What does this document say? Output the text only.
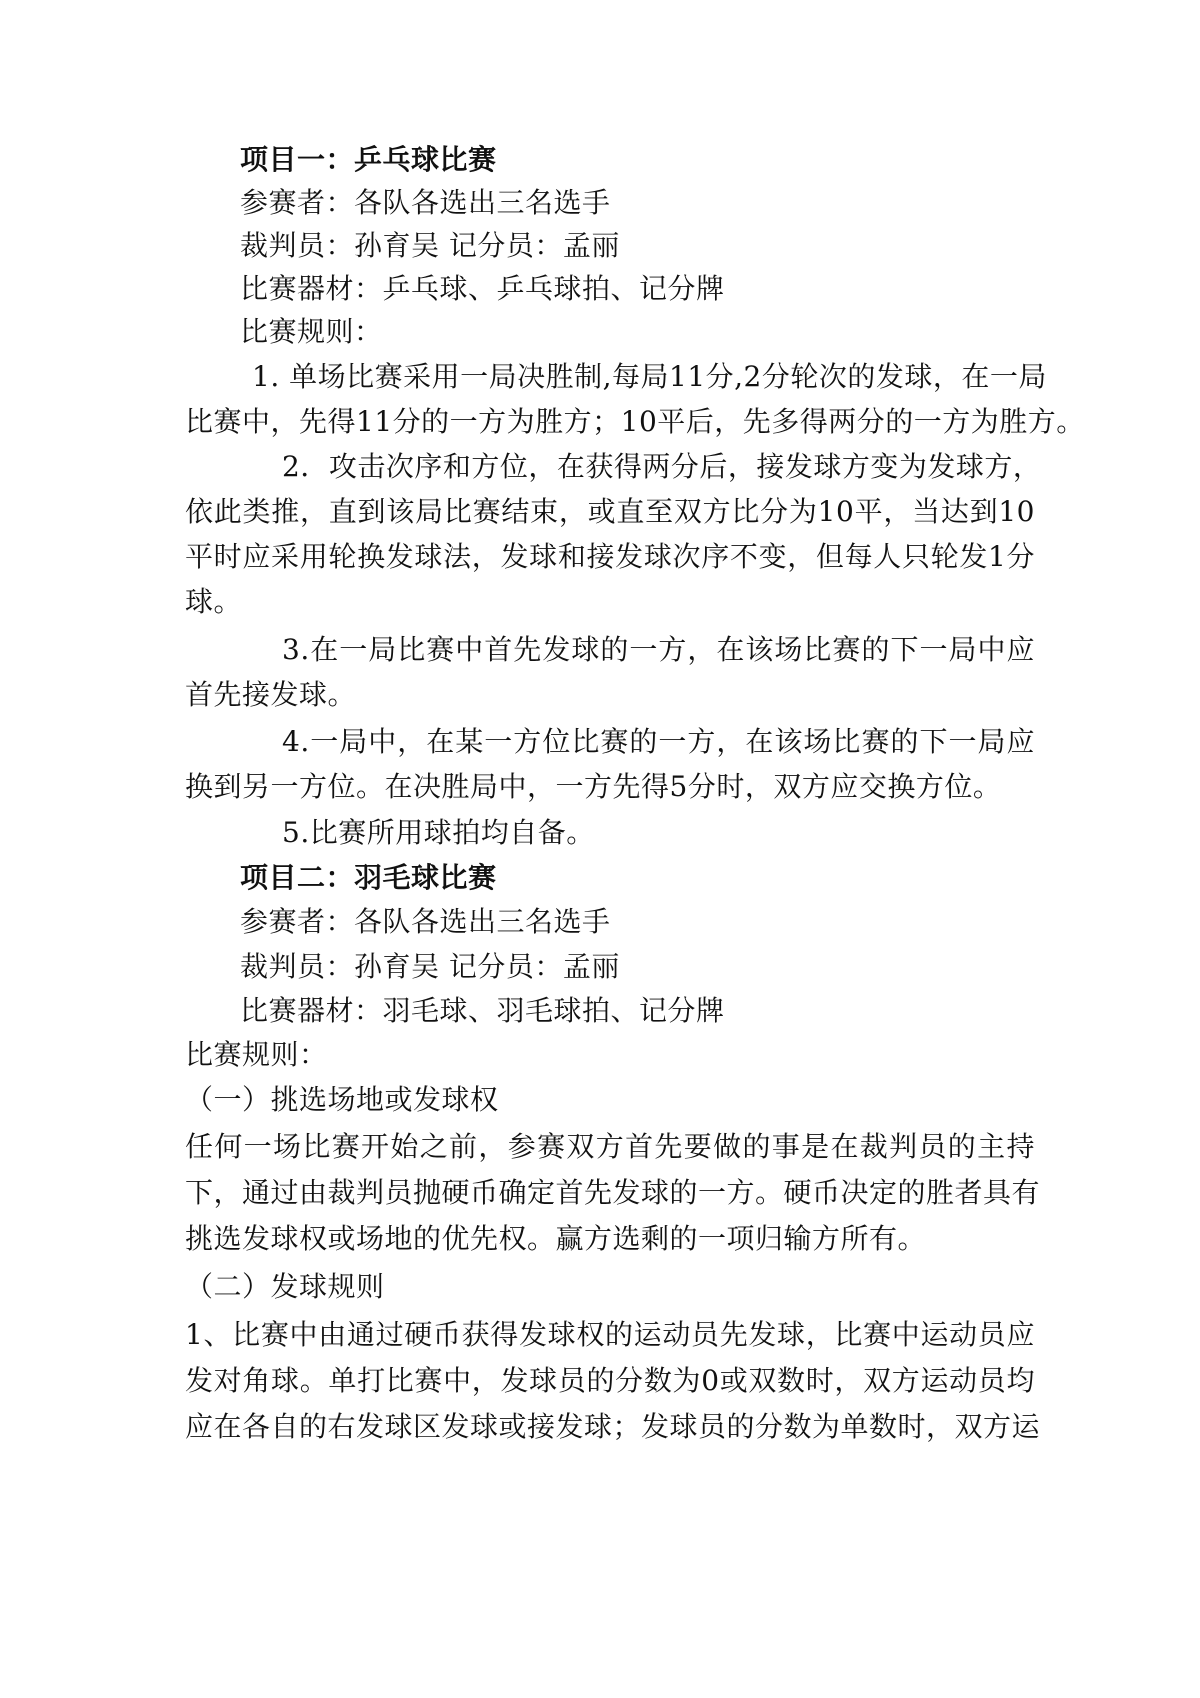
项目一：乒乓球比赛
参赛者：各队各选出三名选手
裁判员：孙育吴 记分员：孟丽
比赛器材：乒乓球、乒乓球拍、记分牌
比赛规则：
1. 单场比赛采用一局决胜制,每局11分,2分轮次的发球，在一局
比赛中，先得11分的一方为胜方；10平后，先多得两分的一方为胜方。
2．攻击次序和方位，在获得两分后，接发球方变为发球方，
依此类推，直到该局比赛结束，或直至双方比分为10平，当达到10
平时应采用轮换发球法，发球和接发球次序不变，但每人只轮发1分
球。
3.在一局比赛中首先发球的一方，在该场比赛的下一局中应
首先接发球。
4.一局中，在某一方位比赛的一方，在该场比赛的下一局应
换到另一方位。在决胜局中，一方先得5分时，双方应交换方位。
5.比赛所用球拍均自备。
项目二：羽毛球比赛
参赛者：各队各选出三名选手
裁判员：孙育吴 记分员：孟丽
比赛器材：羽毛球、羽毛球拍、记分牌
比赛规则：
（一）挑选场地或发球权
任何一场比赛开始之前，参赛双方首先要做的事是在裁判员的主持
下，通过由裁判员抛硬币确定首先发球的一方。硬币决定的胜者具有
挑选发球权或场地的优先权。赢方选剩的一项归输方所有。
（二）发球规则
1、比赛中由通过硬币获得发球权的运动员先发球，比赛中运动员应
发对角球。单打比赛中，发球员的分数为0或双数时，双方运动员均
应在各自的右发球区发球或接发球；发球员的分数为单数时，双方运
